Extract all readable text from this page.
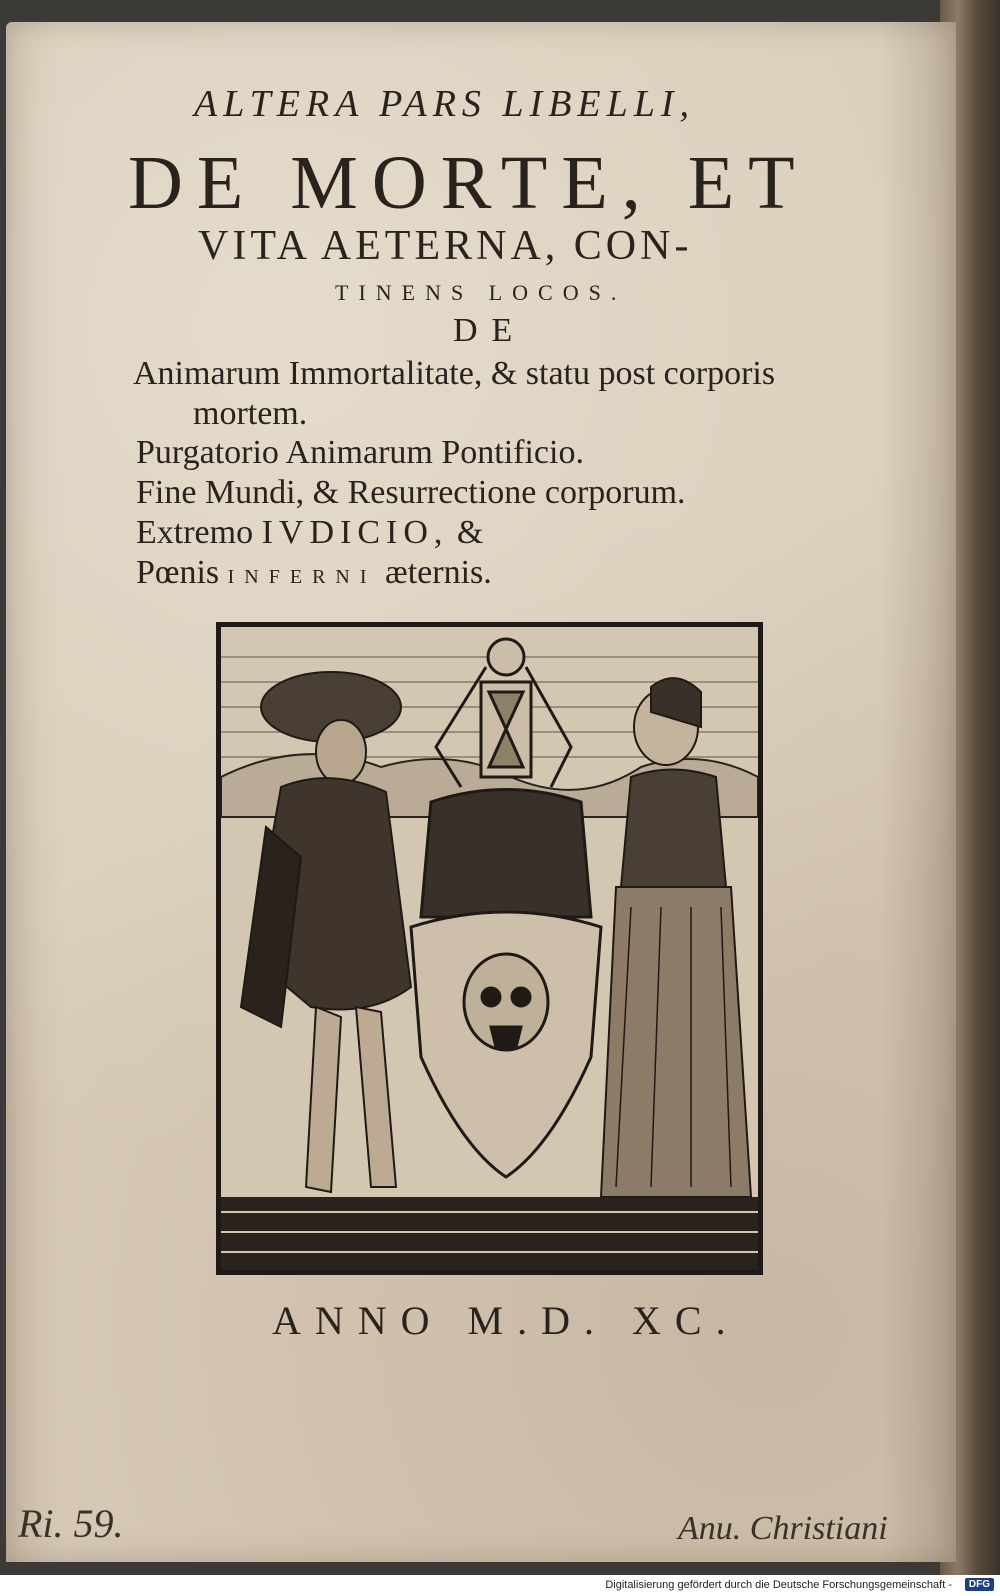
ALTERA PARS LIBELLI,
DE MORTE, ET
VITA AETERNA, CON-
TINENS LOCOS.
DE
Animarum Immortalitate, & statu post corporis
mortem.
Purgatorio Animarum Pontificio.
Fine Mundi, & Resurrectione corporum.
Extremo IVDICIO, &
Pœnis INFERNI æternis.
ANNO M.D. XC.
Ri. 59.	Anu. Christiani
Digitalisierung gefördert durch die Deutsche Forschungsgemeinschaft -	DFG
